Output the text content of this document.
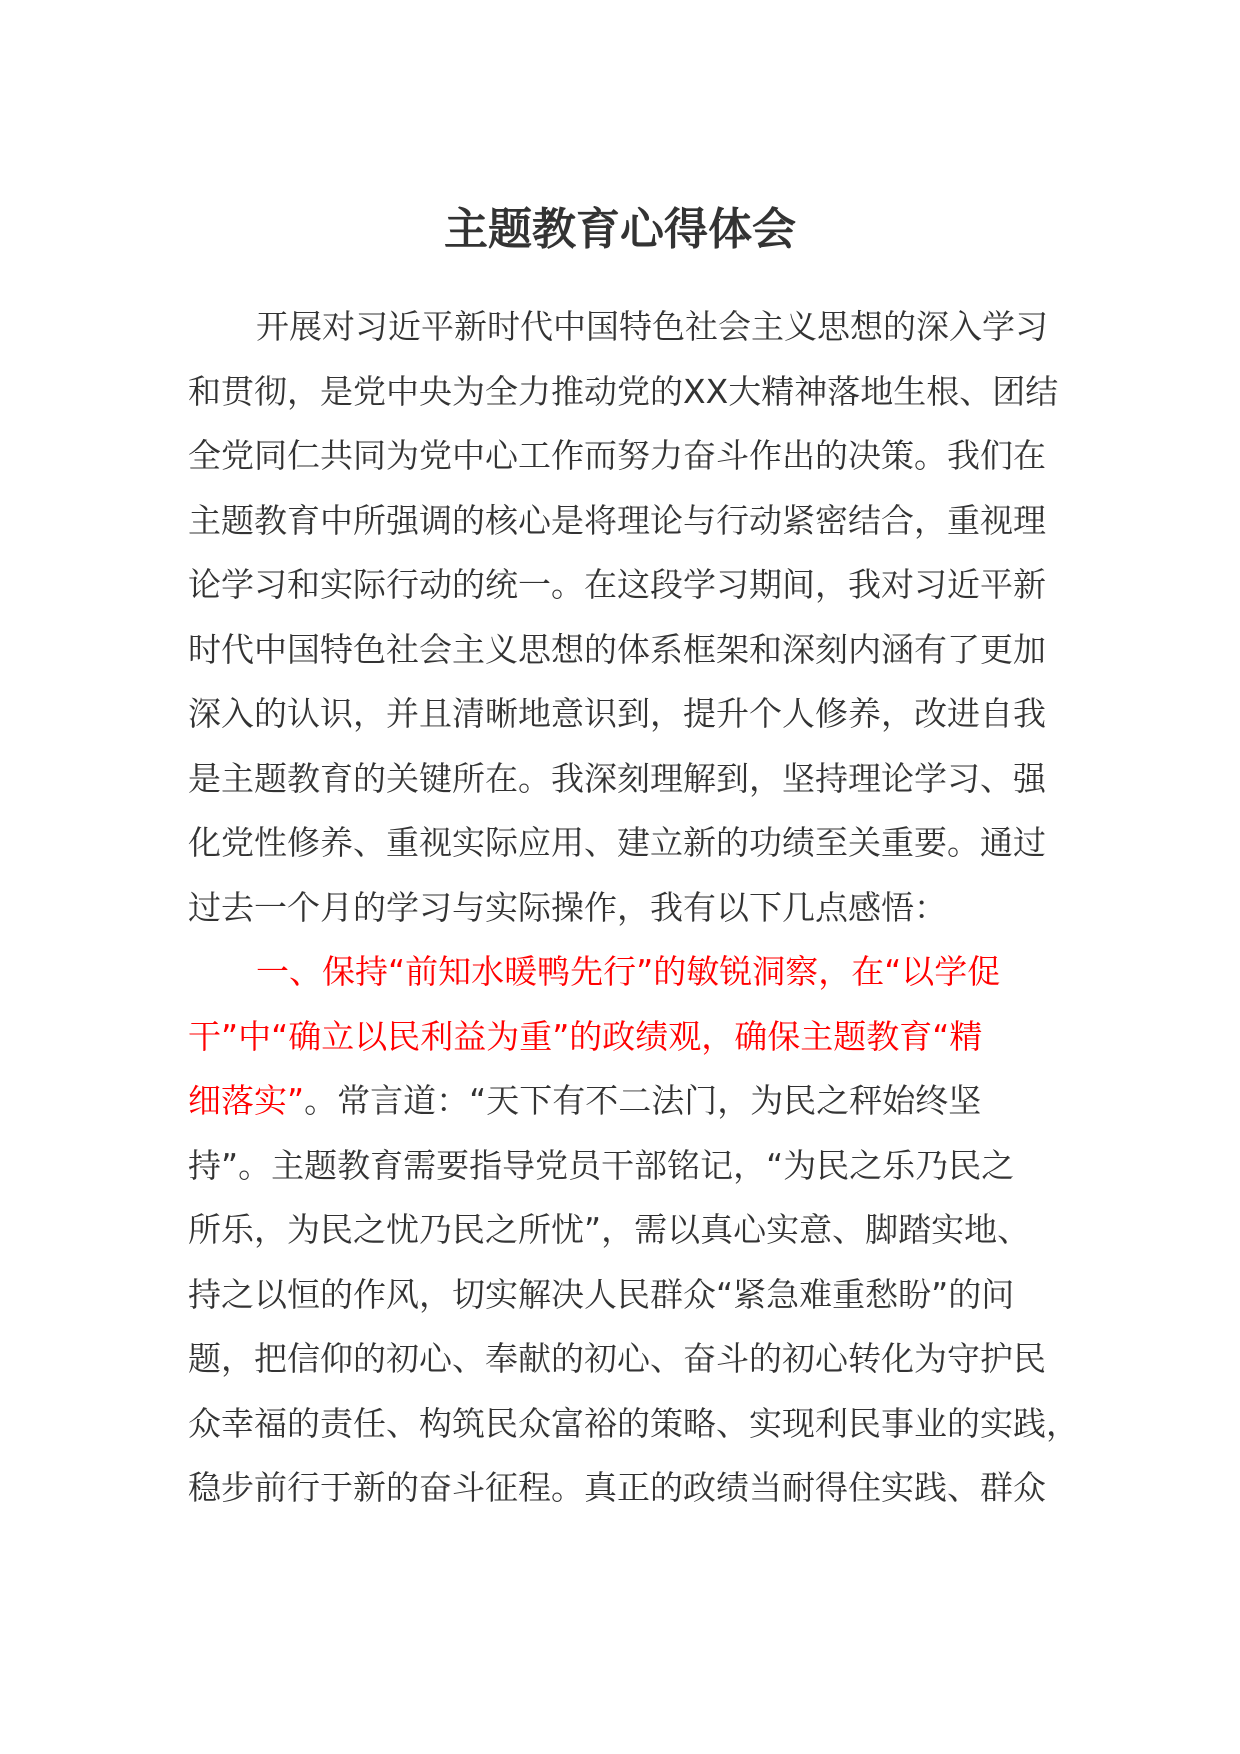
主题教育心得体会
开展对习近平新时代中国特色社会主义思想的深入学习
和贯彻，是党中央为全力推动党的XX大精神落地生根、团结
全党同仁共同为党中心工作而努力奋斗作出的决策。我们在
主题教育中所强调的核心是将理论与行动紧密结合，重视理
论学习和实际行动的统一。在这段学习期间，我对习近平新
时代中国特色社会主义思想的体系框架和深刻内涵有了更加
深入的认识，并且清晰地意识到，提升个人修养，改进自我
是主题教育的关键所在。我深刻理解到，坚持理论学习、强
化党性修养、重视实际应用、建立新的功绩至关重要。通过
过去一个月的学习与实际操作，我有以下几点感悟：
一、保持“前知水暖鸭先行”的敏锐洞察，在“以学促
干”中“确立以民利益为重”的政绩观，确保主题教育“精
细落实”。常言道：“天下有不二法门，为民之秤始终坚
持”。主题教育需要指导党员干部铭记，“为民之乐乃民之
所乐，为民之忧乃民之所忧”，需以真心实意、脚踏实地、
持之以恒的作风，切实解决人民群众“紧急难重愁盼”的问
题，把信仰的初心、奉献的初心、奋斗的初心转化为守护民
众幸福的责任、构筑民众富裕的策略、实现利民事业的实践，
稳步前行于新的奋斗征程。真正的政绩当耐得住实践、群众
